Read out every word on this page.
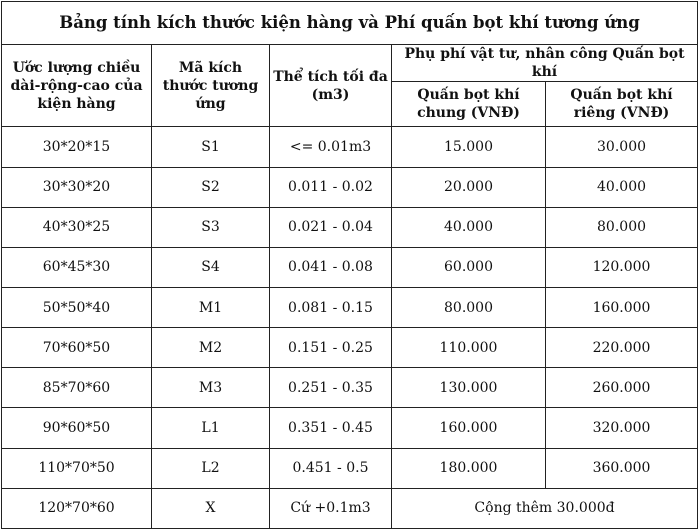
Bảng tính kích thước kiện hàng và Phí quấn bọt khí tương ứng				
Ước lượng chiều dài-rộng-cao của kiện hàng	Mã kích thước tương ứng	Thể tích tối đa (m3)	Phụ phí vật tư, nhân công Quấn bọt khí	
			Quấn bọt khí chung (VNĐ)	Quấn bọt khí riêng (VNĐ)
30*20*15	S1	<= 0.01m3	15.000	30.000
30*30*20	S2	0.011 - 0.02	20.000	40.000
40*30*25	S3	0.021 - 0.04	40.000	80.000
60*45*30	S4	0.041 - 0.08	60.000	120.000
50*50*40	M1	0.081 - 0.15	80.000	160.000
70*60*50	M2	0.151 - 0.25	110.000	220.000
85*70*60	M3	0.251 - 0.35	130.000	260.000
90*60*50	L1	0.351 - 0.45	160.000	320.000
110*70*50	L2	0.451 - 0.5	180.000	360.000
120*70*60	X	Cứ +0.1m3	Cộng thêm 30.000đ	
